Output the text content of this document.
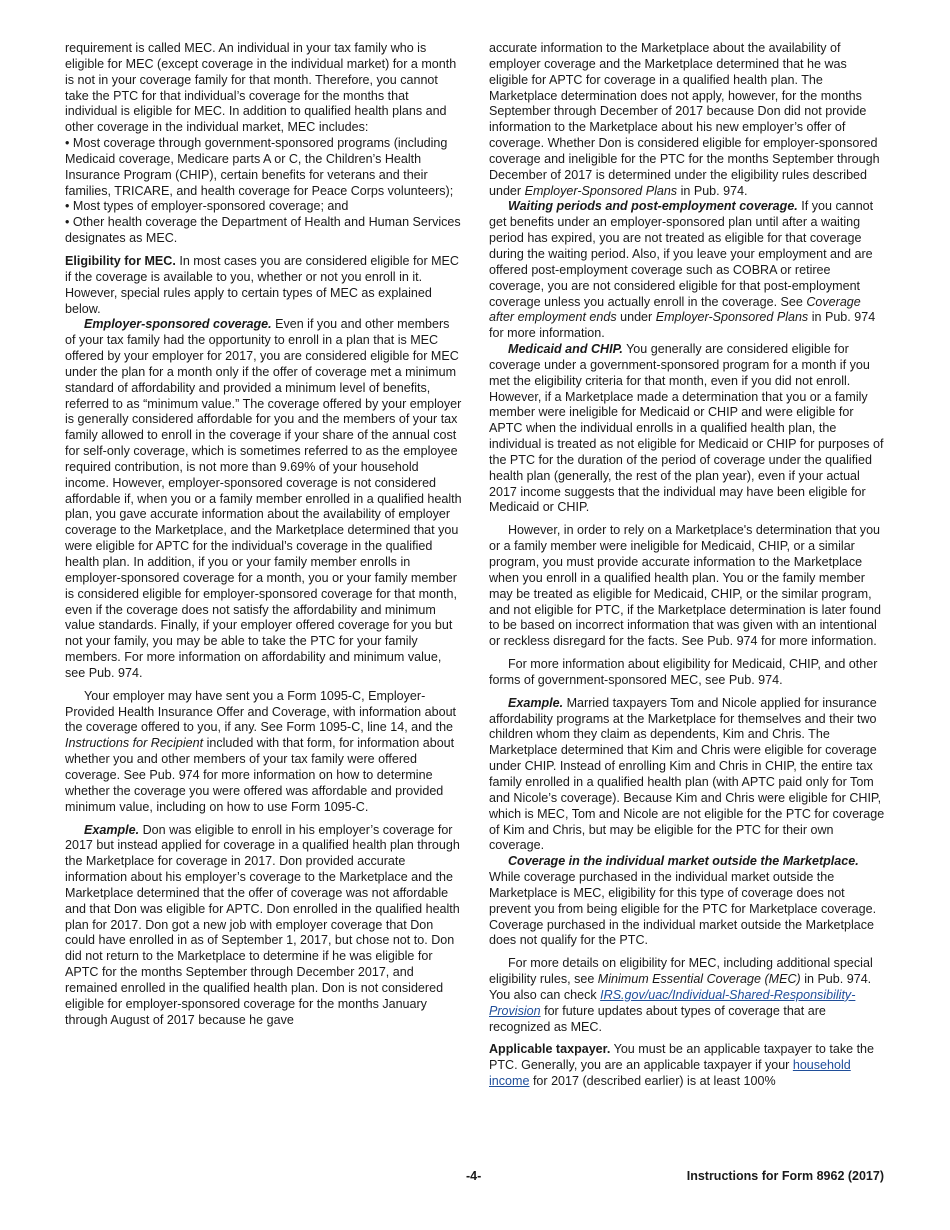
requirement is called MEC. An individual in your tax family who is eligible for MEC (except coverage in the individual market) for a month is not in your coverage family for that month. Therefore, you cannot take the PTC for that individual’s coverage for the months that individual is eligible for MEC. In addition to qualified health plans and other coverage in the individual market, MEC includes:

• Most coverage through government-sponsored programs (including Medicaid coverage, Medicare parts A or C, the Children’s Health Insurance Program (CHIP), certain benefits for veterans and their families, TRICARE, and health coverage for Peace Corps volunteers);

• Most types of employer-sponsored coverage; and

• Other health coverage the Department of Health and Human Services designates as MEC.

Eligibility for MEC. In most cases you are considered eligible for MEC if the coverage is available to you, whether or not you enroll in it. However, special rules apply to certain types of MEC as explained below.

Employer-sponsored coverage. Even if you and other members of your tax family had the opportunity to enroll in a plan that is MEC offered by your employer for 2017, you are considered eligible for MEC under the plan for a month only if the offer of coverage met a minimum standard of affordability and provided a minimum level of benefits, referred to as “minimum value.” The coverage offered by your employer is generally considered affordable for you and the members of your tax family allowed to enroll in the coverage if your share of the annual cost for self-only coverage, which is sometimes referred to as the employee required contribution, is not more than 9.69% of your household income. However, employer-sponsored coverage is not considered affordable if, when you or a family member enrolled in a qualified health plan, you gave accurate information about the availability of employer coverage to the Marketplace, and the Marketplace determined that you were eligible for APTC for the individual’s coverage in the qualified health plan. In addition, if you or your family member enrolls in employer-sponsored coverage for a month, you or your family member is considered eligible for employer-sponsored coverage for that month, even if the coverage does not satisfy the affordability and minimum value standards. Finally, if your employer offered coverage for you but not your family, you may be able to take the PTC for your family members. For more information on affordability and minimum value, see Pub. 974.

Your employer may have sent you a Form 1095-C, Employer-Provided Health Insurance Offer and Coverage, with information about the coverage offered to you, if any. See Form 1095-C, line 14, and the Instructions for Recipient included with that form, for information about whether you and other members of your tax family were offered coverage. See Pub. 974 for more information on how to determine whether the coverage you were offered was affordable and provided minimum value, including on how to use Form 1095-C.

Example. Don was eligible to enroll in his employer’s coverage for 2017 but instead applied for coverage in a qualified health plan through the Marketplace for coverage in 2017. Don provided accurate information about his employer’s coverage to the Marketplace and the Marketplace determined that the offer of coverage was not affordable and that Don was eligible for APTC. Don enrolled in the qualified health plan for 2017. Don got a new job with employer coverage that Don could have enrolled in as of September 1, 2017, but chose not to. Don did not return to the Marketplace to determine if he was eligible for APTC for the months September through December 2017, and remained enrolled in the qualified health plan. Don is not considered eligible for employer-sponsored coverage for the months January through August of 2017 because he gave

accurate information to the Marketplace about the availability of employer coverage and the Marketplace determined that he was eligible for APTC for coverage in a qualified health plan. The Marketplace determination does not apply, however, for the months September through December of 2017 because Don did not provide information to the Marketplace about his new employer’s offer of coverage. Whether Don is considered eligible for employer-sponsored coverage and ineligible for the PTC for the months September through December of 2017 is determined under the eligibility rules described under Employer-Sponsored Plans in Pub. 974.

Waiting periods and post-employment coverage. If you cannot get benefits under an employer-sponsored plan until after a waiting period has expired, you are not treated as eligible for that coverage during the waiting period. Also, if you leave your employment and are offered post-employment coverage such as COBRA or retiree coverage, you are not considered eligible for that post-employment coverage unless you actually enroll in the coverage. See Coverage after employment ends under Employer-Sponsored Plans in Pub. 974 for more information.

Medicaid and CHIP. You generally are considered eligible for coverage under a government-sponsored program for a month if you met the eligibility criteria for that month, even if you did not enroll. However, if a Marketplace made a determination that you or a family member were ineligible for Medicaid or CHIP and were eligible for APTC when the individual enrolls in a qualified health plan, the individual is treated as not eligible for Medicaid or CHIP for purposes of the PTC for the duration of the period of coverage under the qualified health plan (generally, the rest of the plan year), even if your actual 2017 income suggests that the individual may have been eligible for Medicaid or CHIP.

However, in order to rely on a Marketplace's determination that you or a family member were ineligible for Medicaid, CHIP, or a similar program, you must provide accurate information to the Marketplace when you enroll in a qualified health plan. You or the family member may be treated as eligible for Medicaid, CHIP, or the similar program, and not eligible for PTC, if the Marketplace determination is later found to be based on incorrect information that was given with an intentional or reckless disregard for the facts. See Pub. 974 for more information.

For more information about eligibility for Medicaid, CHIP, and other forms of government-sponsored MEC, see Pub. 974.

Example. Married taxpayers Tom and Nicole applied for insurance affordability programs at the Marketplace for themselves and their two children whom they claim as dependents, Kim and Chris. The Marketplace determined that Kim and Chris were eligible for coverage under CHIP. Instead of enrolling Kim and Chris in CHIP, the entire tax family enrolled in a qualified health plan (with APTC paid only for Tom and Nicole’s coverage). Because Kim and Chris were eligible for CHIP, which is MEC, Tom and Nicole are not eligible for the PTC for coverage of Kim and Chris, but may be eligible for the PTC for their own coverage.

Coverage in the individual market outside the Marketplace. While coverage purchased in the individual market outside the Marketplace is MEC, eligibility for this type of coverage does not prevent you from being eligible for the PTC for Marketplace coverage. Coverage purchased in the individual market outside the Marketplace does not qualify for the PTC.

For more details on eligibility for MEC, including additional special eligibility rules, see Minimum Essential Coverage (MEC) in Pub. 974. You also can check IRS.gov/uac/Individual-Shared-Responsibility-Provision for future updates about types of coverage that are recognized as MEC.

Applicable taxpayer. You must be an applicable taxpayer to take the PTC. Generally, you are an applicable taxpayer if your household income for 2017 (described earlier) is at least 100%

-4-	Instructions for Form 8962 (2017)
